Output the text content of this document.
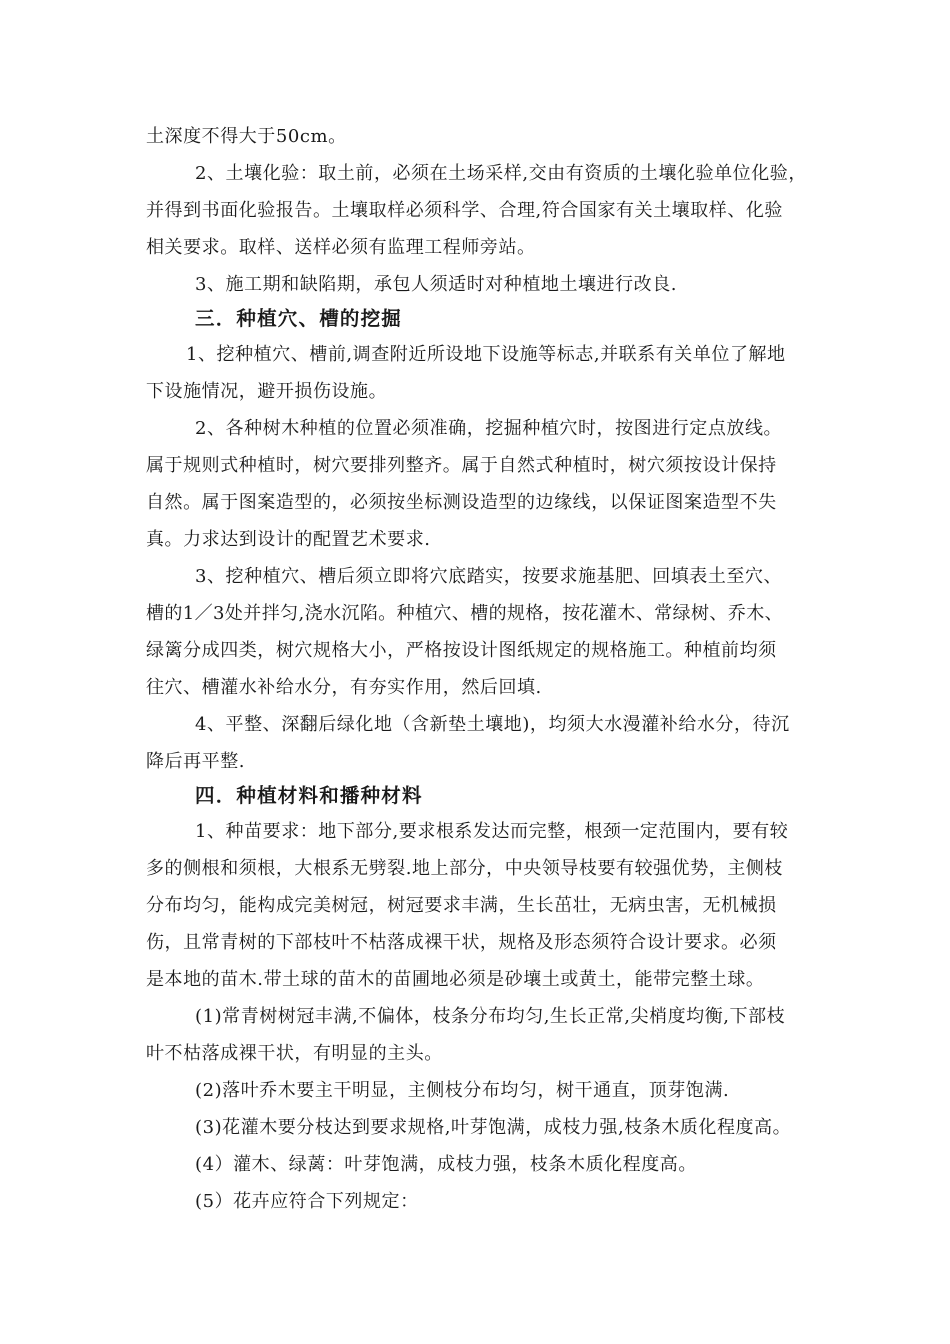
土深度不得大于50cm。
2、土壤化验：取土前，必须在土场采样,交由有资质的土壤化验单位化验，
并得到书面化验报告。土壤取样必须科学、合理,符合国家有关土壤取样、化验
相关要求。取样、送样必须有监理工程师旁站。
3、施工期和缺陷期，承包人须适时对种植地土壤进行改良.
三．种植穴、槽的挖掘
1、挖种植穴、槽前,调查附近所设地下设施等标志,并联系有关单位了解地
下设施情况，避开损伤设施。
2、各种树木种植的位置必须准确，挖掘种植穴时，按图进行定点放线。
属于规则式种植时，树穴要排列整齐。属于自然式种植时，树穴须按设计保持
自然。属于图案造型的，必须按坐标测设造型的边缘线，以保证图案造型不失
真。力求达到设计的配置艺术要求.
3、挖种植穴、槽后须立即将穴底踏实，按要求施基肥、回填表土至穴、
槽的1／3处并拌匀,浇水沉陷。种植穴、槽的规格，按花灌木、常绿树、乔木、
绿篱分成四类，树穴规格大小，严格按设计图纸规定的规格施工。种植前均须
往穴、槽灌水补给水分，有夯实作用，然后回填.
4、平整、深翻后绿化地（含新垫土壤地)，均须大水漫灌补给水分，待沉
降后再平整.
四．种植材料和播种材料
1、种苗要求：地下部分,要求根系发达而完整，根颈一定范围内，要有较
多的侧根和须根，大根系无劈裂.地上部分，中央领导枝要有较强优势，主侧枝
分布均匀，能构成完美树冠，树冠要求丰满，生长茁壮，无病虫害，无机械损
伤，且常青树的下部枝叶不枯落成裸干状，规格及形态须符合设计要求。必须
是本地的苗木.带土球的苗木的苗圃地必须是砂壤土或黄土，能带完整土球。
(1)常青树树冠丰满,不偏体，枝条分布均匀,生长正常,尖梢度均衡,下部枝
叶不枯落成裸干状，有明显的主头。
(2)落叶乔木要主干明显，主侧枝分布均匀，树干通直，顶芽饱满.
(3)花灌木要分枝达到要求规格,叶芽饱满，成枝力强,枝条木质化程度高。
(4）灌木、绿蓠：叶芽饱满，成枝力强，枝条木质化程度高。
(5）花卉应符合下列规定：
